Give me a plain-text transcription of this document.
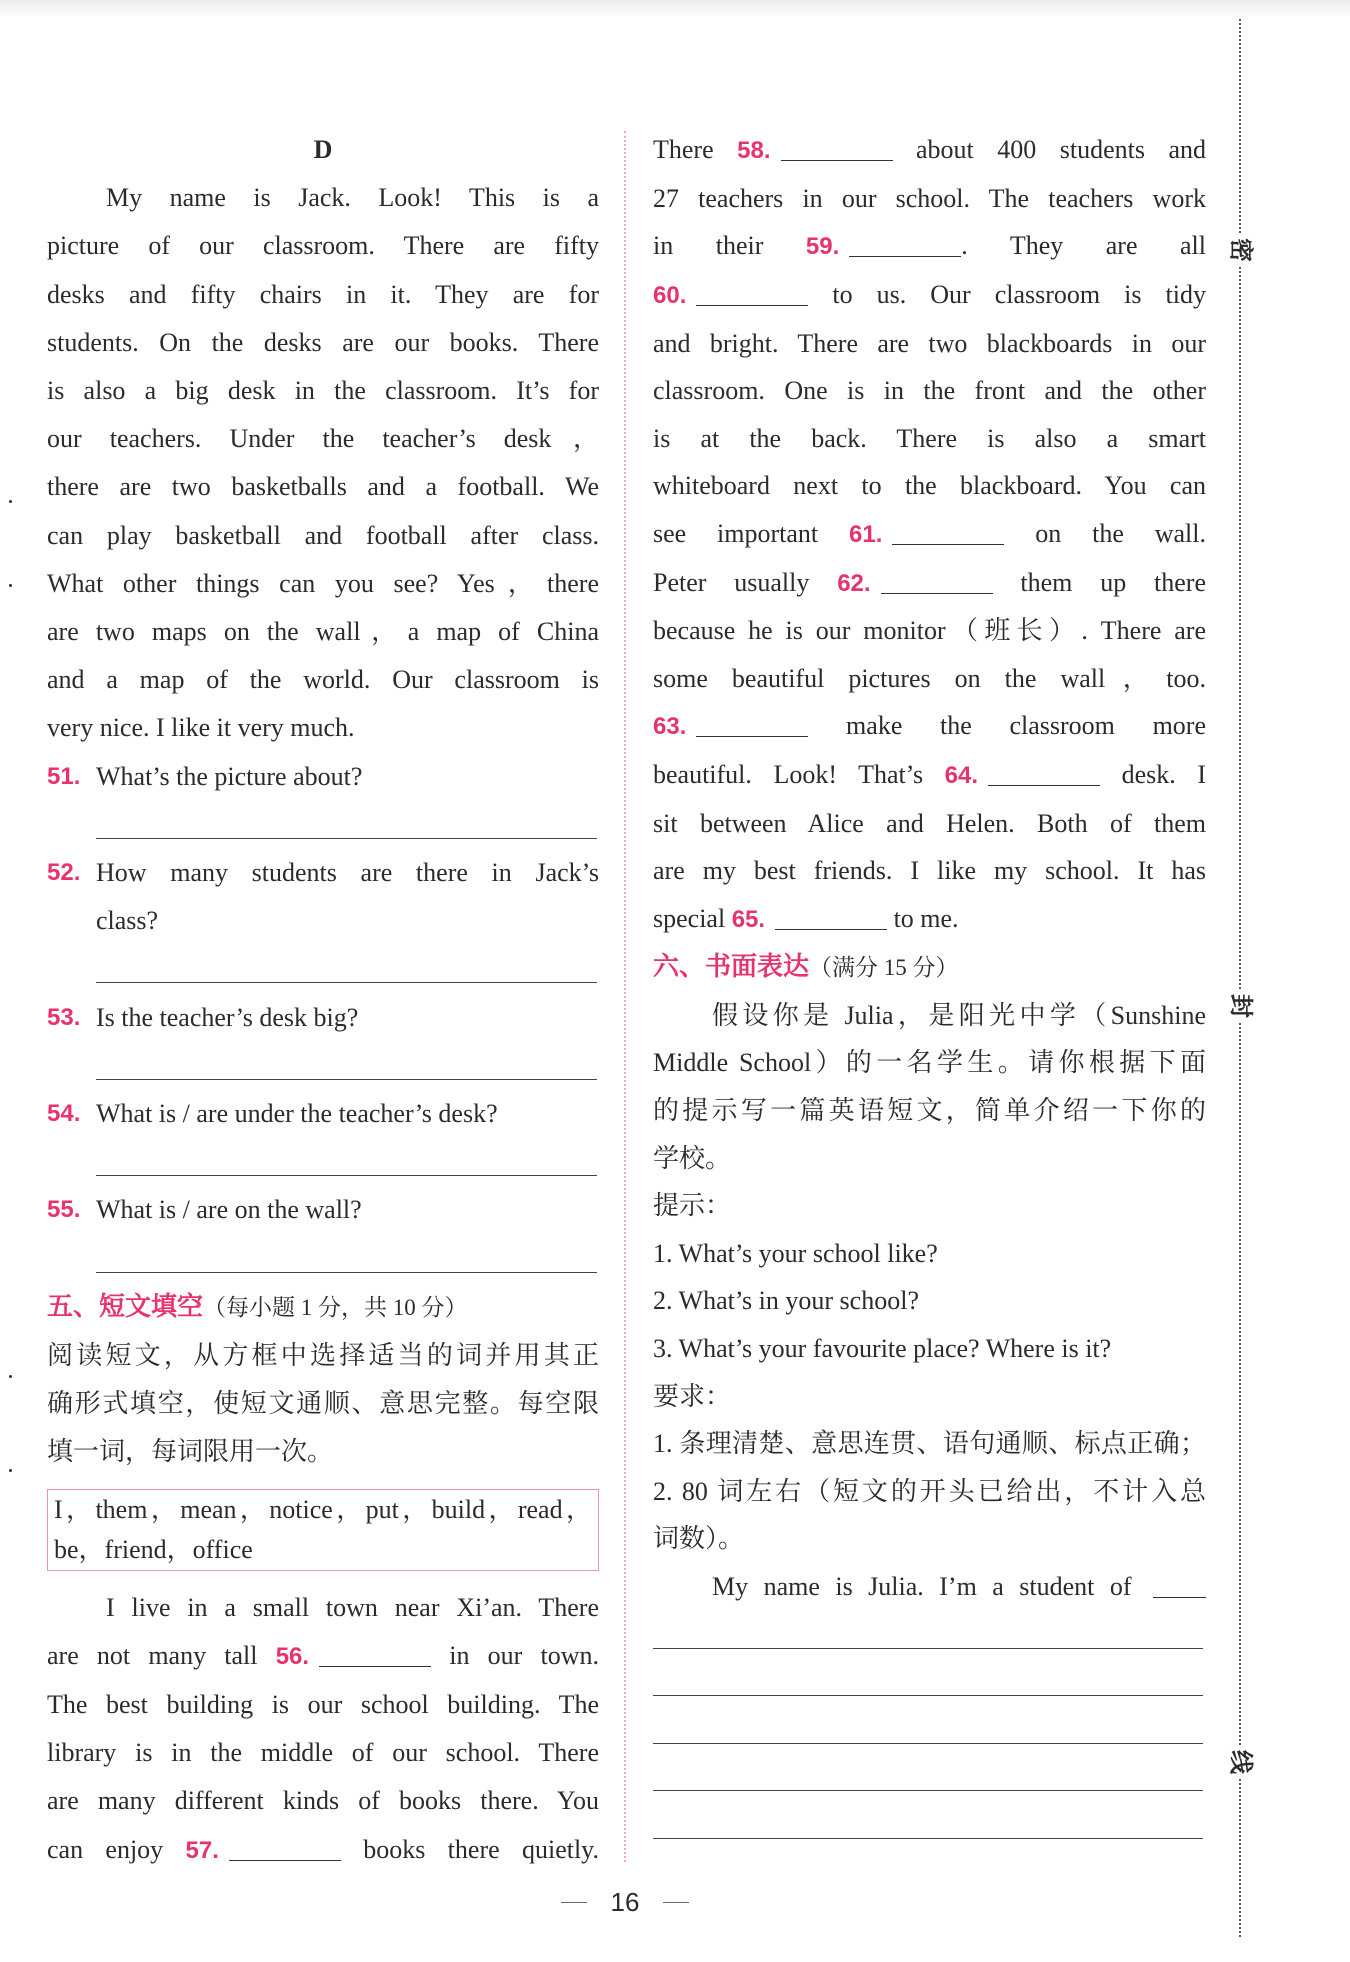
D
My name is Jack. Look! This is a
picture of our classroom. There are fifty
desks and fifty chairs in it. They are for
students. On the desks are our books. There
is also a big desk in the classroom. It’s for
our teachers. Under the teacher’s desk，
there are two basketballs and a football. We
can play basketball and football after class.
What other things can you see? Yes，there
are two maps on the wall，a map of China
and a map of the world. Our classroom is
very nice. I like it very much.
51. What’s the picture about?
52. How many students are there in Jack’s
class?
53. Is the teacher’s desk big?
54. What is / are under the teacher’s desk?
55. What is / are on the wall?
五、短文填空（每小题 1 分，共 10 分）
阅读短文，从方框中选择适当的词并用其正
确形式填空，使短文通顺、意思完整。每空限
填一词，每词限用一次。
I，them，mean，notice，put，build，read，
be，friend，office
I live in a small town near Xi’an. There
are not many tall 56.	in our town.
The best building is our school building. The
library is in the middle of our school. There
are many different kinds of books there. You
can enjoy 57.	books there quietly.
There 58.	about 400 students and
27 teachers in our school. The teachers work
in their 59.	. They are all
60.	to us. Our classroom is tidy
and bright. There are two blackboards in our
classroom. One is in the front and the other
is at the back. There is also a smart
whiteboard next to the blackboard. You can
see important 61.	on the wall.
Peter usually 62.	them up there
because he is our monitor（班长）. There are
some beautiful pictures on the wall，too.
63.	make the classroom more
beautiful. Look! That’s 64.	desk. I
sit between Alice and Helen. Both of them
are my best friends. I like my school. It has
special 65.	to me.
六、书面表达（满分 15 分）
假设你是 Julia，是阳光中学（Sunshine
Middle School）的一名学生。请你根据下面
的提示写一篇英语短文，简单介绍一下你的
学校。
提示：
1. What’s your school like?
2. What’s in your school?
3. What’s your favourite place? Where is it?
要求：
1. 条理清楚、意思连贯、语句通顺、标点正确；
2. 80 词左右（短文的开头已给出，不计入总
词数）。
My name is Julia. I’m a student of
密
封
线
16
